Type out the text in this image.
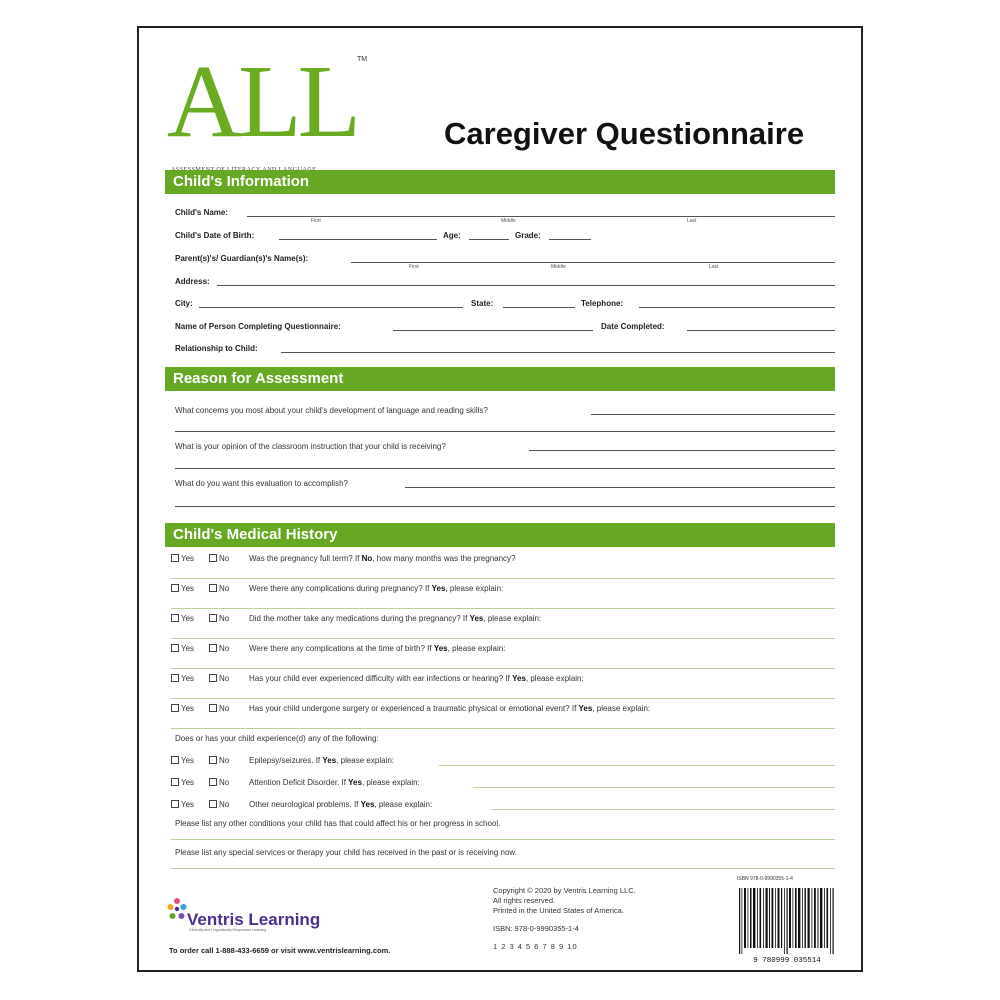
ALL TM
Caregiver Questionnaire
Child's Information
Child's Name:
First	Middle	Last
Child's Date of Birth:	Age:	Grade:
Parent(s)'s/ Guardian(s)'s Name(s):
First	Middle	Last
Address:
City:	State:	Telephone:
Name of Person Completing Questionnaire:	Date Completed:
Relationship to Child:
Reason for Assessment
What concerns you most about your child's development of language and reading skills?
What is your opinion of the classroom instruction that your child is receiving?
What do you want this evaluation to accomplish?
Child's Medical History
Yes	No Was the pregnancy full term? If No, how many months was the pregnancy?
Yes	No Were there any complications during pregnancy? If Yes, please explain:
Yes	No Did the mother take any medications during the pregnancy? If Yes, please explain:
Yes	No Were there any complications at the time of birth? If Yes, please explain:
Yes	No Has your child ever experienced difficulty with ear infections or hearing? If Yes, please explain:
Yes	No Has your child undergone surgery or experienced a traumatic physical or emotional event? If Yes, please explain:
Does or has your child experience(d) any of the following:
Yes	No Epilepsy/seizures. If Yes, please explain:
Yes	No Attention Deficit Disorder. If Yes, please explain:
Yes	No Other neurological problems. If Yes, please explain:
Please list any other conditions your child has that could affect his or her progress in school.
Please list any special services or therapy your child has received in the past or is receiving now.
Ventris Learning
Clinically and Linguistically Responsive Learning
To order call 1-888-433-6659 or visit www.ventrislearning.com.
Copyright © 2020 by Ventris Learning LLC.
All rights reserved.
Printed in the United States of America.
ISBN: 978-0-9990355-1-4
1 2 3 4 5 6 7 8 9 10
ISBN 978-0-9990355-1-4
9 780999 035514
